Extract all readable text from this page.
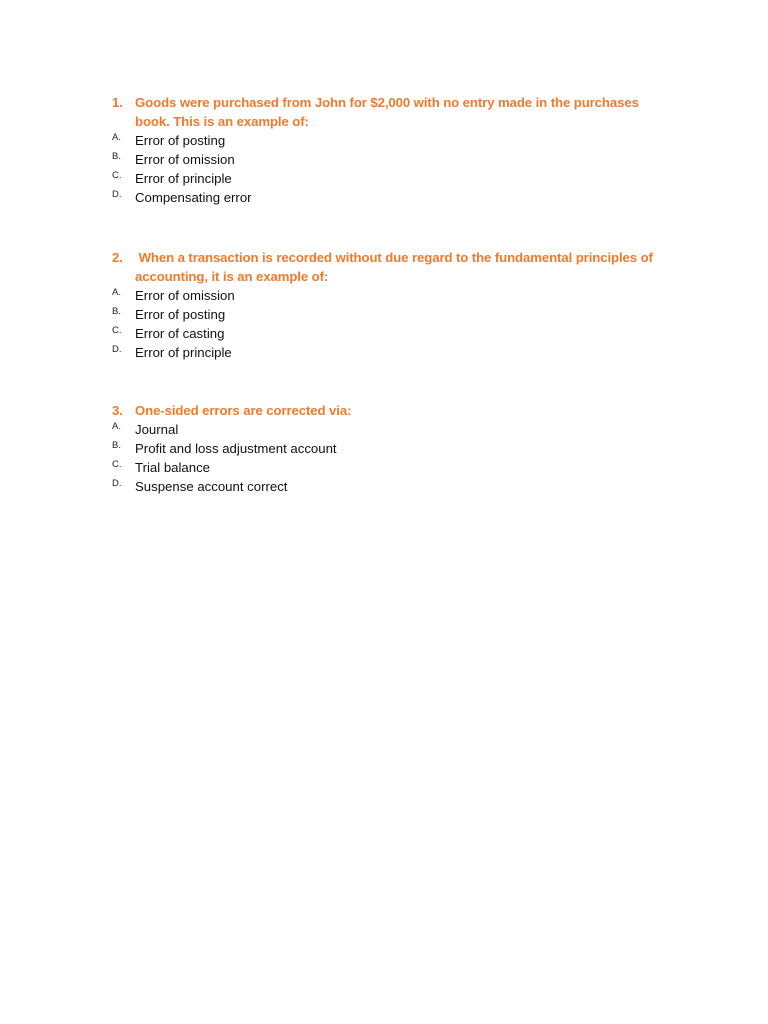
1. Goods were purchased from John for $2,000 with no entry made in the purchases book. This is an example of:
A.	Error of posting
B.	Error of omission
C.	Error of principle
D.	Compensating error
2. When a transaction is recorded without due regard to the fundamental principles of accounting, it is an example of:
A.	Error of omission
B.	Error of posting
C.	Error of casting
D.	Error of principle
3. One-sided errors are corrected via:
A.	Journal
B.	Profit and loss adjustment account
C.	Trial balance
D.	Suspense account correct
